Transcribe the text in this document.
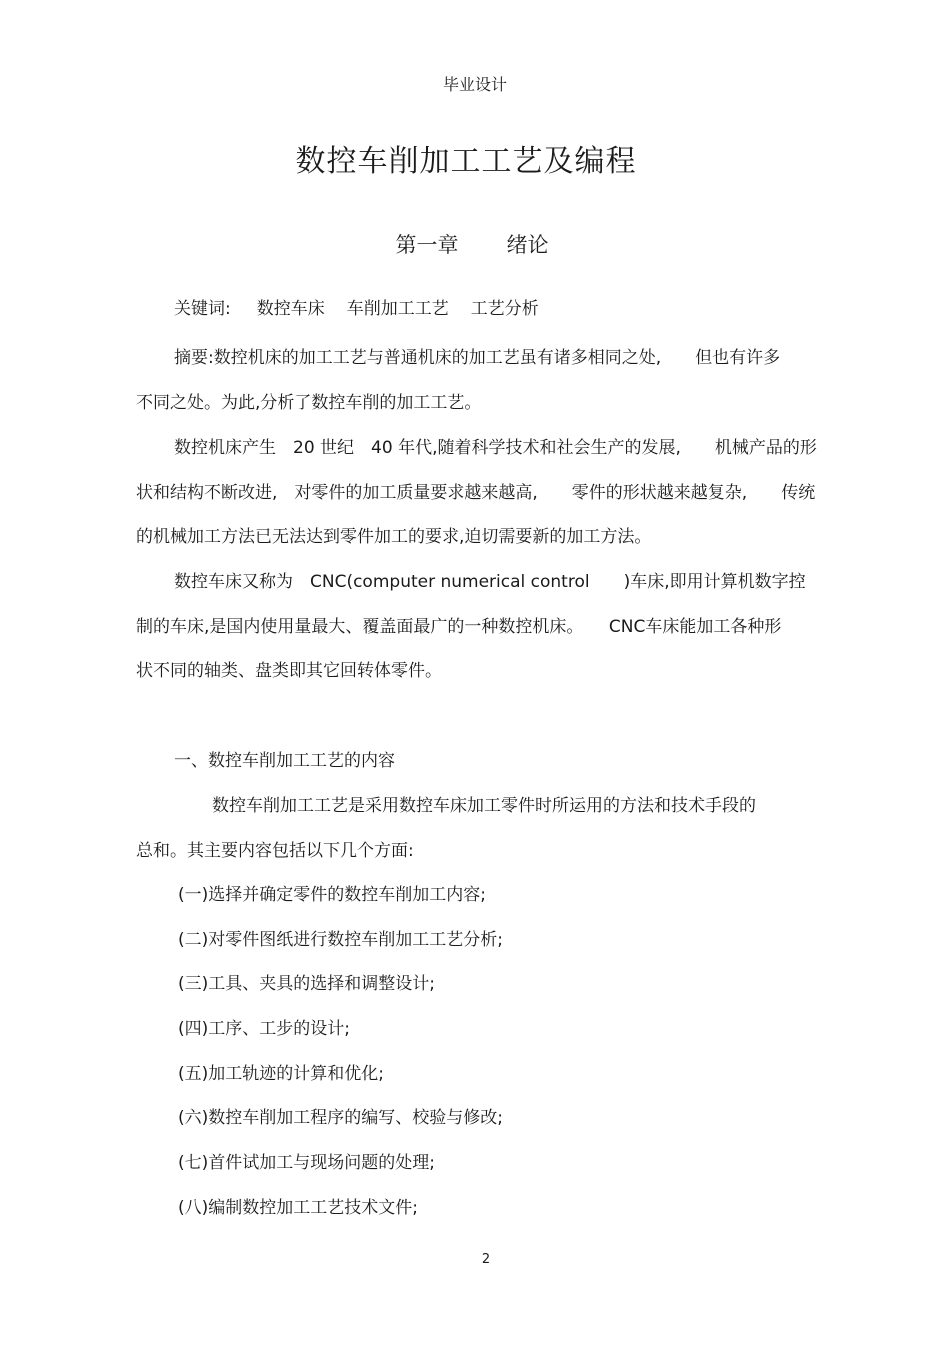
毕业设计
数控车削加工工艺及编程
第一章 绪论
关键词: 数控车床 车削加工工艺 工艺分析
摘要:数控机床的加工工艺与普通机床的加工艺虽有诸多相同之处,　　但也有许多
不同之处。为此,分析了数控车削的加工工艺。
数控机床产生　20 世纪　40 年代,随着科学技术和社会生产的发展,　　机械产品的形
状和结构不断改进,　对零件的加工质量要求越来越高,　　零件的形状越来越复杂,　　传统
的机械加工方法已无法达到零件加工的要求,迫切需要新的加工方法。
数控车床又称为　CNC(computer numerical control　　)车床,即用计算机数字控
制的车床,是国内使用量最大、覆盖面最广的一种数控机床。　　CNC车床能加工各种形
状不同的轴类、盘类即其它回转体零件。
一、数控车削加工工艺的内容
数控车削加工工艺是采用数控车床加工零件时所运用的方法和技术手段的
总和。其主要内容包括以下几个方面:
(一)选择并确定零件的数控车削加工内容;
(二)对零件图纸进行数控车削加工工艺分析;
(三)工具、夹具的选择和调整设计;
(四)工序、工步的设计;
(五)加工轨迹的计算和优化;
(六)数控车削加工程序的编写、校验与修改;
(七)首件试加工与现场问题的处理;
(八)编制数控加工工艺技术文件;
2
